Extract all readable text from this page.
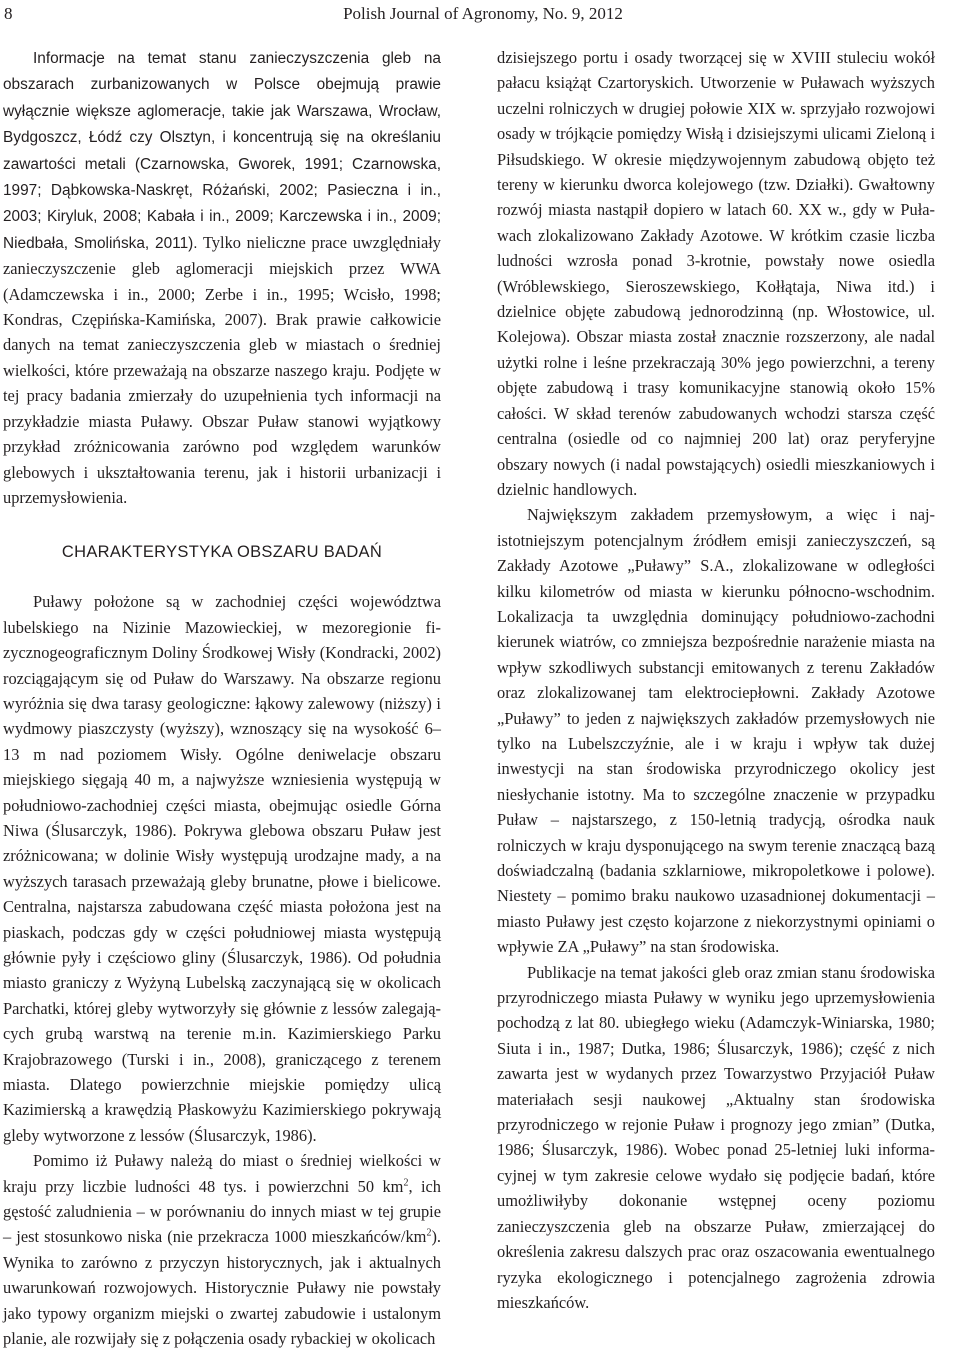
8	Polish Journal of Agronomy, No. 9, 2012

Informacje na temat stanu zanieczyszczenia gleb na obszarach zurbanizowanych w Polsce obejmują prawie wyłącznie większe aglomeracje, takie jak Warszawa, Wrocław, Bydgoszcz, Łódź czy Olsztyn, i koncentrują się na określaniu zawartości metali (Czarnowska, Gworek, 1991; Czarnowska, 1997; Dąbkowska-Naskręt, Różański, 2002; Pasieczna i in., 2003; Kiryluk, 2008; Kabała i in., 2009; Karczewska i in., 2009; Niedbała, Smolińska, 2011). Tylko nieliczne prace uwzględniały zanieczyszczenie gleb aglomeracji miejskich przez WWA (Adamczewska i in., 2000; Zerbe i in., 1995; Wcisło, 1998; Kondras, Czępińska-Kamińska, 2007). Brak prawie całkowicie danych na temat zanieczyszczenia gleb w miastach o średniej wielkości, które przeważają na obszarze naszego kraju. Podjęte w tej pracy badania zmierzały do uzupełnienia tych informacji na przykładzie miasta Puławy. Obszar Puław stanowi wyjątkowy przykład zróżnicowania zarówno pod względem warunków glebowych i ukształtowania terenu, jak i historii urbanizacji i uprzemysłowienia.

CHARAKTERYSTYKA OBSZARU BADAŃ

Puławy położone są w zachodniej części województwa lubelskiego na Nizinie Mazowieckiej, w mezoregionie fizycznogeograficznym Doliny Środkowej Wisły (Kondracki, 2002) rozciągającym się od Puław do Warszawy. Na obszarze regionu wyróżnia się dwa tarasy geologiczne: łąkowy zalewowy (niższy) i wydmowy piaszczysty (wyższy), wznoszący się na wysokość 6–13 m nad poziomem Wisły. Ogólne deniwelacje obszaru miejskiego sięgają 40 m, a najwyższe wzniesienia występują w południowo-zachodniej części miasta, obejmując osiedle Górna Niwa (Ślusarczyk, 1986). Pokrywa glebowa obszaru Puław jest zróżnicowana; w dolinie Wisły występują urodzajne mady, a na wyższych tarasach przeważają gleby brunatne, płowe i bielicowe. Centralna, najstarsza zabudowana część miasta położona jest na piaskach, podczas gdy w części południowej miasta występują głównie pyły i częściowo gliny (Ślusarczyk, 1986). Od południa miasto graniczy z Wyżyną Lubelską zaczynającą się w okolicach Parchatki, której gleby wytworzyły się głównie z lessów zalegających grubą warstwą na terenie m.in. Kazimierskiego Parku Krajobrazowego (Turski i in., 2008), graniczącego z terenem miasta. Dlatego powierzchnie miejskie pomiędzy ulicą Kazimierską a krawędzią Płaskowyżu Kazimierskiego pokrywają gleby wytworzone z lessów (Ślusarczyk, 1986).

Pomimo iż Puławy należą do miast o średniej wielkości w kraju przy liczbie ludności 48 tys. i powierzchni 50 $km^2$, ich gęstość zaludnienia – w porównaniu do innych miast w tej grupie – jest stosunkowo niska (nie przekracza 1000 mieszkańców/$km^2$). Wynika to zarówno z przyczyn historycznych, jak i aktualnych uwarunkowań rozwojowych. Historycznie Puławy nie powstały jako typowy organizm miejski o zwartej zabudowie i ustalonym planie, ale rozwijały się z połączenia osady rybackiej w okolicach

dzisiejszego portu i osady tworzącej się w XVIII stuleciu wokół pałacu książąt Czartoryskich. Utworzenie w Puławach wyższych uczelni rolniczych w drugiej połowie XIX w. sprzyjało rozwojowi osady w trójkącie pomiędzy Wisłą i dzisiejszymi ulicami Zieloną i Piłsudskiego. W okresie międzywojennym zabudową objęto też tereny w kierunku dworca kolejowego (tzw. Działki). Gwałtowny rozwój miasta nastąpił dopiero w latach 60. XX w., gdy w Puławach zlokalizowano Zakłady Azotowe. W krótkim czasie liczba ludności wzrosła ponad 3-krotnie, powstały nowe osiedla (Wróblewskiego, Sieroszewskiego, Kołłątaja, Niwa itd.) i dzielnice objęte zabudową jednorodzinną (np. Włostowice, ul. Kolejowa). Obszar miasta został znacznie rozszerzony, ale nadal użytki rolne i leśne przekraczają 30% jego powierzchni, a tereny objęte zabudową i trasy komunikacyjne stanowią około 15% całości. W skład terenów zabudowanych wchodzi starsza część centralna (osiedle od co najmniej 200 lat) oraz peryferyjne obszary nowych (i nadal powstających) osiedli mieszkaniowych i dzielnic handlowych.

Największym zakładem przemysłowym, a więc i najistotniejszym potencjalnym źródłem emisji zanieczyszczeń, są Zakłady Azotowe „Puławy” S.A., zlokalizowane w odległości kilku kilometrów od miasta w kierunku północno-wschodnim. Lokalizacja ta uwzględnia dominujący południowo-zachodni kierunek wiatrów, co zmniejsza bezpośrednie narażenie miasta na wpływ szkodliwych substancji emitowanych z terenu Zakładów oraz zlokalizowanej tam elektrociepłowni. Zakłady Azotowe „Puławy” to jeden z największych zakładów przemysłowych nie tylko na Lubelszczyźnie, ale i w kraju i wpływ tak dużej inwestycji na stan środowiska przyrodniczego okolicy jest niesłychanie istotny. Ma to szczególne znaczenie w przypadku Puław – najstarszego, z 150-letnią tradycją, ośrodka nauk rolniczych w kraju dysponującego na swym terenie znaczącą bazą doświadczalną (badania szklarniowe, mikropoletkowe i polowe). Niestety – pomimo braku naukowo uzasadnionej dokumentacji – miasto Puławy jest często kojarzone z niekorzystnymi opiniami o wpływie ZA „Puławy” na stan środowiska.

Publikacje na temat jakości gleb oraz zmian stanu środowiska przyrodniczego miasta Puławy w wyniku jego uprzemysłowienia pochodzą z lat 80. ubiegłego wieku (Adamczyk-Winiarska, 1980; Siuta i in., 1987; Dutka, 1986; Ślusarczyk, 1986); część z nich zawarta jest w wydanych przez Towarzystwo Przyjaciół Puław materiałach sesji naukowej „Aktualny stan środowiska przyrodniczego w rejonie Puław i prognozy jego zmian” (Dutka, 1986; Ślusarczyk, 1986). Wobec ponad 25-letniej luki informacyjnej w tym zakresie celowe wydało się podjęcie badań, które umożliwiłyby dokonanie wstępnej oceny poziomu zanieczyszczenia gleb na obszarze Puław, zmierzającej do określenia zakresu dalszych prac oraz oszacowania ewentualnego ryzyka ekologicznego i potencjalnego zagrożenia zdrowia mieszkańców.
